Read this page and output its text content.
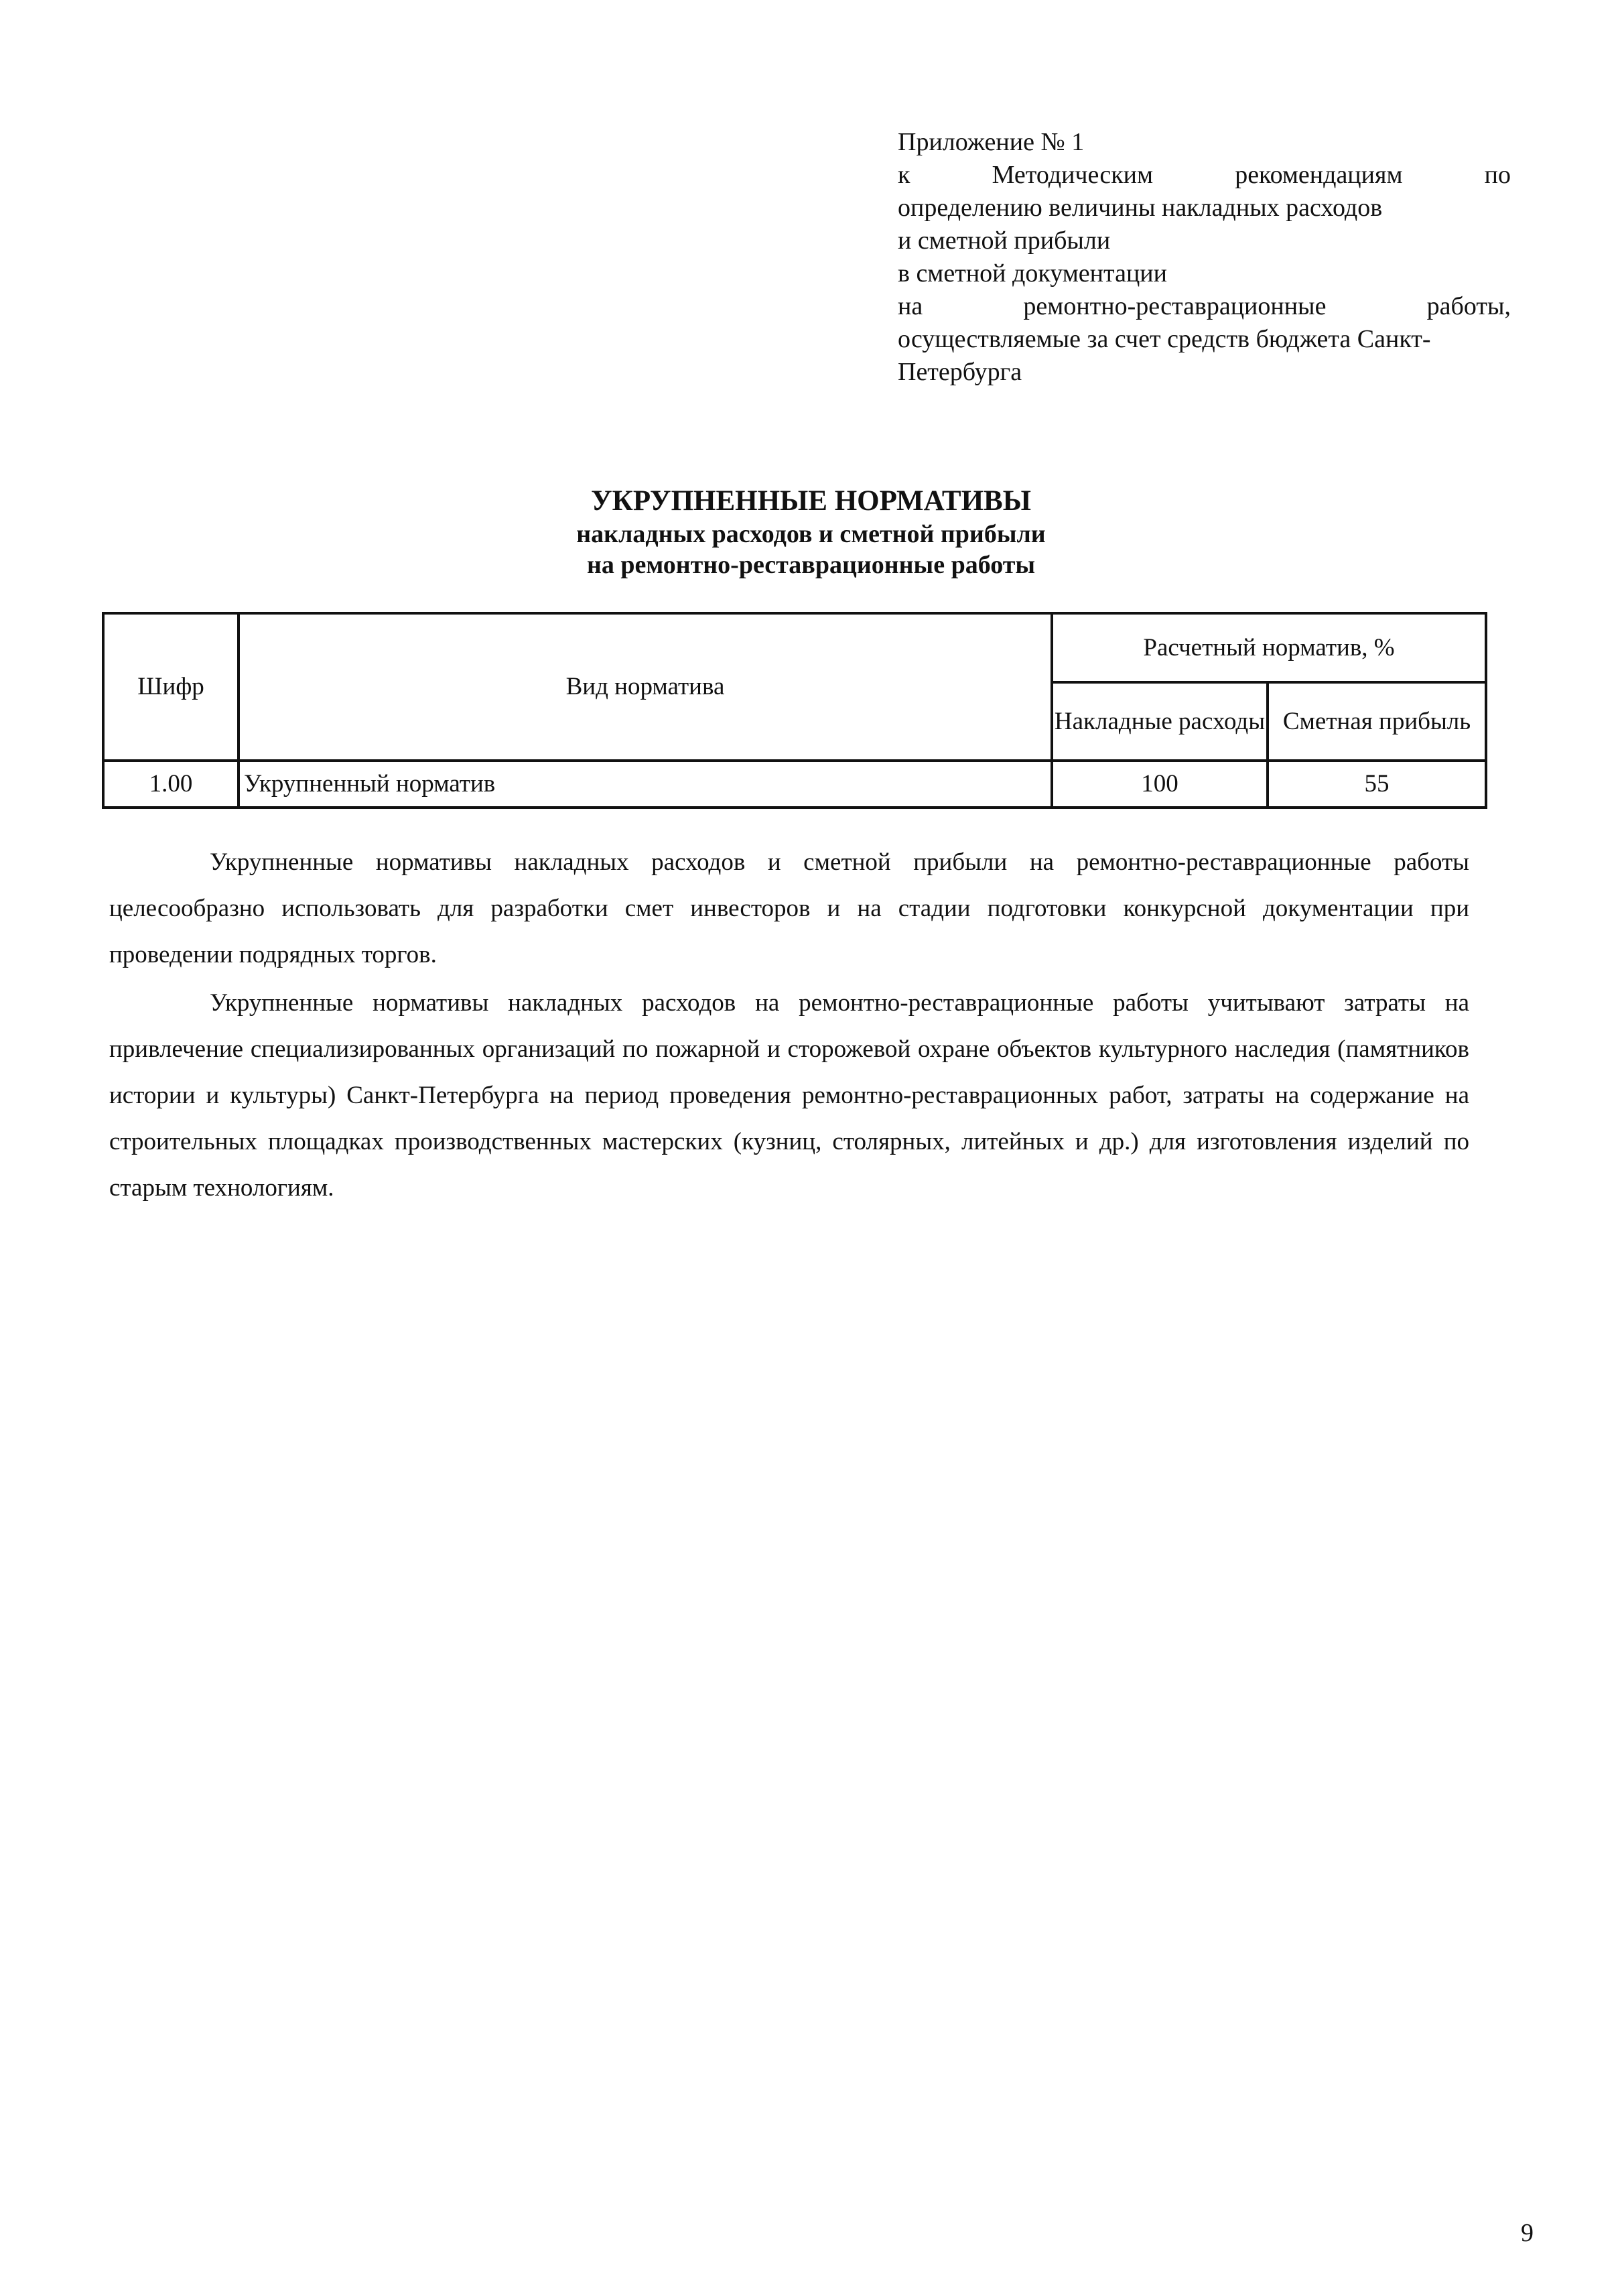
Приложение № 1
к	Методическим	рекомендациям	по
определению величины накладных расходов
и сметной прибыли
в сметной документации
на	ремонтно-реставрационные	работы,
осуществляемые за счет средств бюджета Санкт-
Петербурга
УКРУПНЕННЫЕ НОРМАТИВЫ
накладных расходов и сметной прибыли
на ремонтно-реставрационные работы
Шифр	Вид норматива	Расчетный норматив, %	
		Накладные расходы	Сметная прибыль
1.00	Укрупненный норматив	100	55

Укрупненные нормативы накладных расходов и сметной прибыли на ремонтно-реставрационные работы целесообразно использовать для разработки смет инвесторов и на стадии подготовки конкурсной документации при проведении подрядных торгов.

Укрупненные нормативы накладных расходов на ремонтно-реставрационные работы учитывают затраты на привлечение специализированных организаций по пожарной и сторожевой охране объектов культурного наследия (памятников истории и культуры) Санкт-Петербурга на период проведения ремонтно-реставрационных работ, затраты на содержание на строительных площадках производственных мастерских (кузниц, столярных, литейных и др.) для изготовления изделий по старым технологиям.

9
